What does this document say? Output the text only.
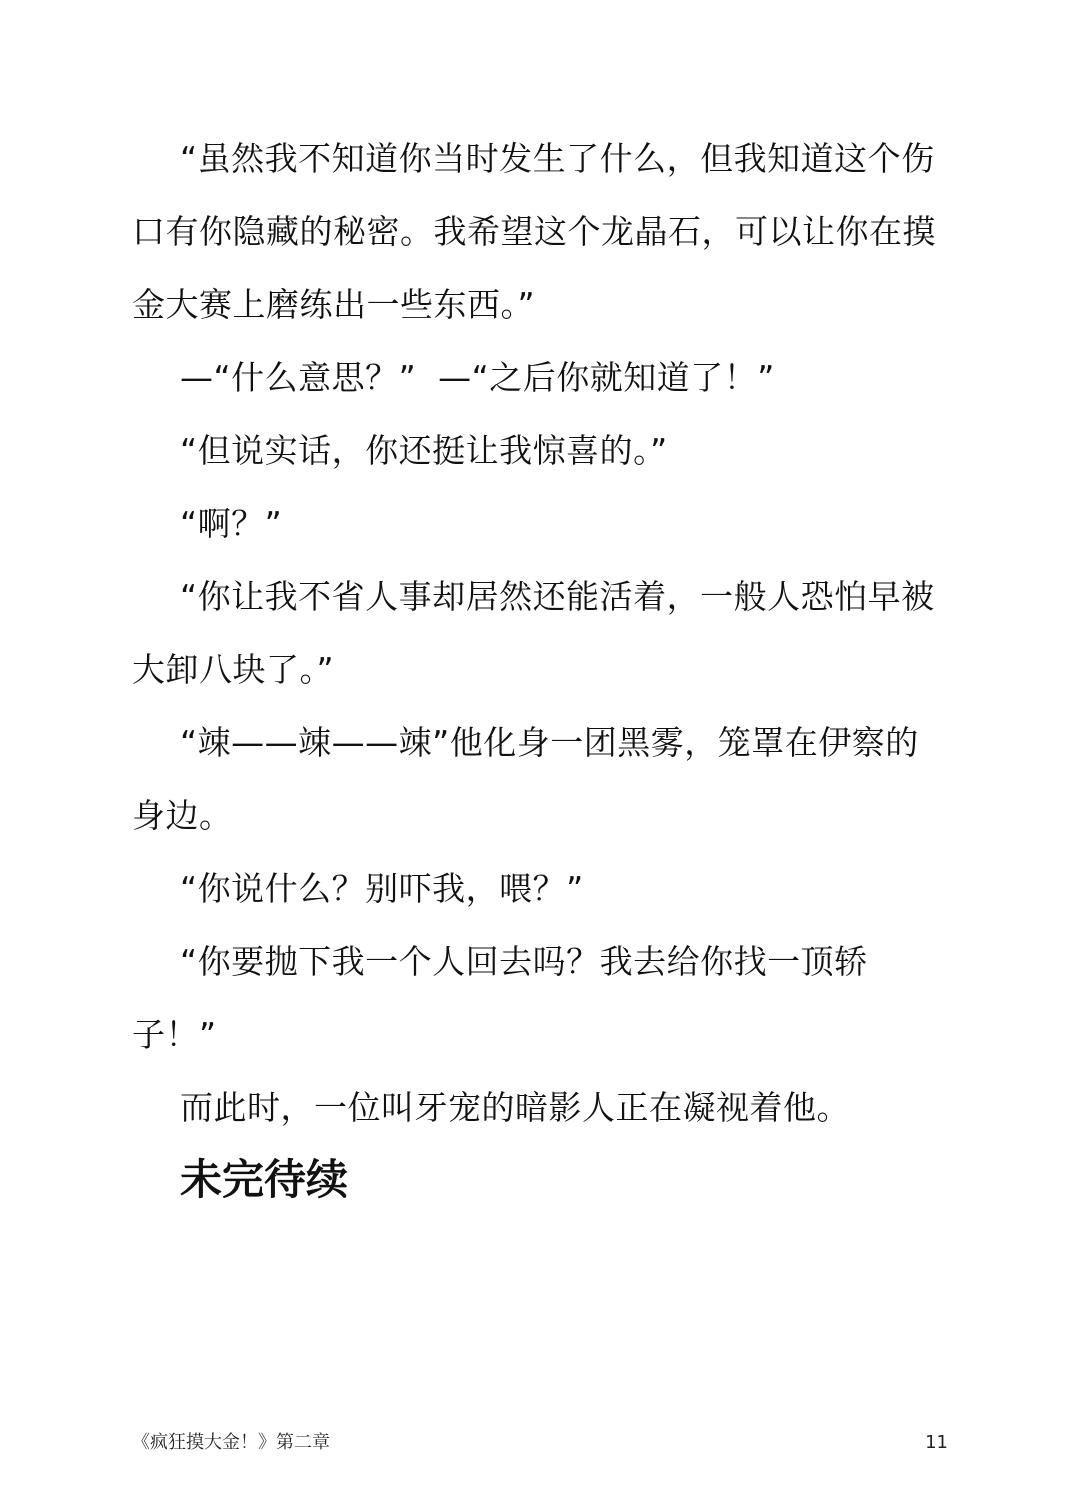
“虽然我不知道你当时发生了什么，但我知道这个伤口有你隐藏的秘密。我希望这个龙晶石，可以让你在摸金大赛上磨练出一些东西。”

—“什么意思？”  —“之后你就知道了！”

“但说实话，你还挺让我惊喜的。”

“啊？”

“你让我不省人事却居然还能活着，一般人恐怕早被大卸八块了。”

“竦——竦——竦”他化身一团黑雾，笼罩在伊察的身边。

“你说什么？别吓我，喂？”

“你要抛下我一个人回去吗？我去给你找一顶轿子！”

而此时，一位叫牙宠的暗影人正在凝视着他。

未完待续
《疯狂摸大金！》第二章	11
